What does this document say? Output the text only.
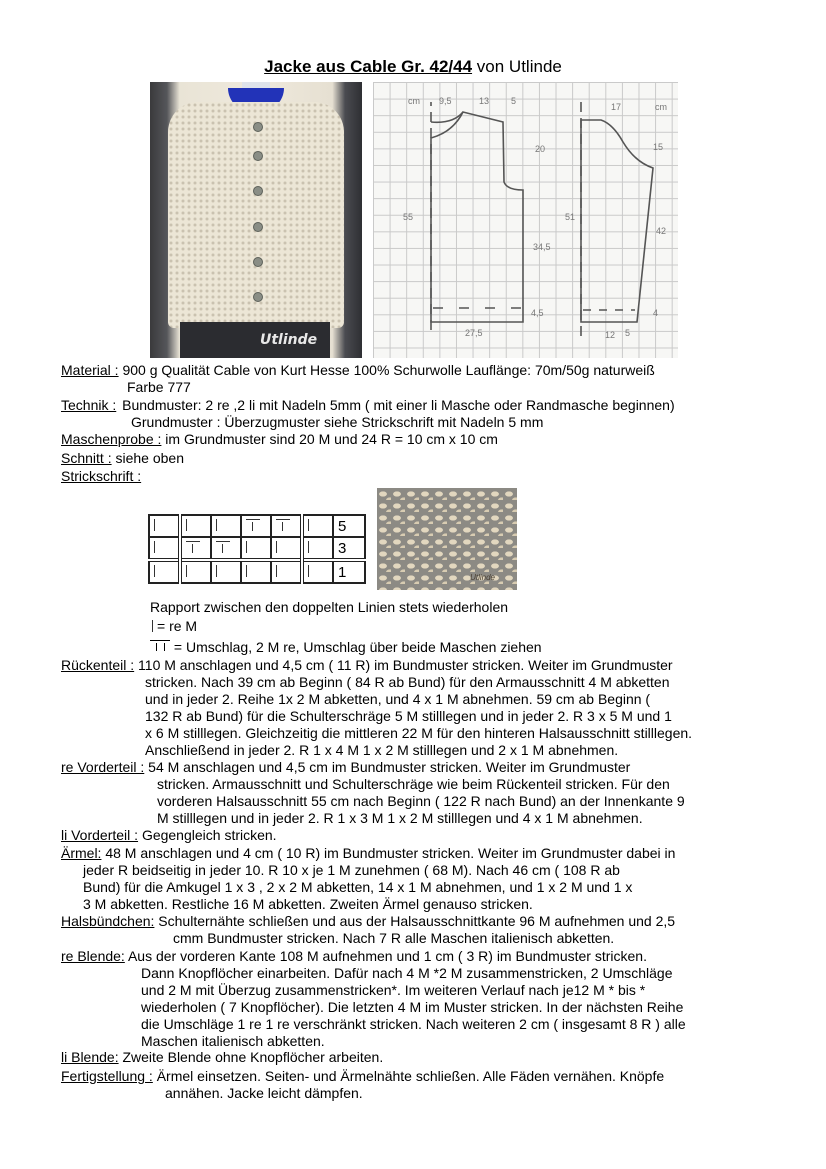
Jacke aus Cable Gr. 42/44 von Utlinde
Utlinde
cm 9,5	13 5
20
55
34,5
4,5
27,5
17	cm
15
51
42
12 5
4
Material : 900 g Qualität Cable von Kurt Hesse 100% Schurwolle Lauflänge: 70m/50g naturweiß
Farbe 777
Technik : Bundmuster: 2 re ,2 li mit Nadeln 5mm ( mit einer li Masche oder Randmasche beginnen)
Grundmuster : Überzugmuster siehe Strickschrift mit Nadeln 5 mm
Maschenprobe : im Grundmuster sind 20 M und 24 R = 10 cm x 10 cm
Schnitt : siehe oben
Strickschrift :
						5
						3
						1	Utlinde
Rapport zwischen den doppelten Linien stets wiederholen
= re M
= Umschlag, 2 M re, Umschlag über beide Maschen ziehen
Rückenteil : 110 M anschlagen und 4,5 cm ( 11 R) im Bundmuster stricken. Weiter im Grundmuster
stricken. Nach 39 cm ab Beginn ( 84 R ab Bund) für den Armausschnitt 4 M abketten
und in jeder 2. Reihe 1x 2 M abketten, und 4 x 1 M abnehmen. 59 cm ab Beginn (
132 R ab Bund) für die Schulterschräge 5 M stilllegen und in jeder 2. R 3 x 5 M und 1
x 6 M stilllegen. Gleichzeitig die mittleren 22 M für den hinteren Halsausschnitt stilllegen.
Anschließend in jeder 2. R 1 x 4 M 1 x 2 M stilllegen und 2 x 1 M abnehmen.
re Vorderteil : 54 M anschlagen und 4,5 cm im Bundmuster stricken. Weiter im Grundmuster
stricken. Armausschnitt und Schulterschräge wie beim Rückenteil stricken. Für den
vorderen Halsausschnitt 55 cm nach Beginn ( 122 R nach Bund) an der Innenkante 9
M stilllegen und in jeder 2. R 1 x 3 M 1 x 2 M stilllegen und 4 x 1 M abnehmen.
li Vorderteil : Gegengleich stricken.
Ärmel: 48 M anschlagen und 4 cm ( 10 R) im Bundmuster stricken. Weiter im Grundmuster dabei in
jeder R beidseitig in jeder 10. R 10 x je 1 M zunehmen ( 68 M). Nach 46 cm ( 108 R ab
Bund) für die Amkugel 1 x 3 , 2 x 2 M abketten, 14 x 1 M abnehmen, und 1 x 2 M und 1 x
3 M abketten. Restliche 16 M abketten. Zweiten Ärmel genauso stricken.
Halsbündchen: Schulternähte schließen und aus der Halsausschnittkante 96 M aufnehmen und 2,5
cmm Bundmuster stricken. Nach 7 R alle Maschen italienisch abketten.
re Blende: Aus der vorderen Kante 108 M aufnehmen und 1 cm ( 3 R) im Bundmuster stricken.
Dann Knopflöcher einarbeiten. Dafür nach 4 M *2 M zusammenstricken, 2 Umschläge
und 2 M mit Überzug zusammenstricken*. Im weiteren Verlauf nach je12 M * bis *
wiederholen ( 7 Knopflöcher). Die letzten 4 M im Muster stricken. In der nächsten Reihe
die Umschläge 1 re 1 re verschränkt stricken. Nach weiteren 2 cm ( insgesamt 8 R ) alle
Maschen italienisch abketten.
li Blende: Zweite Blende ohne Knopflöcher arbeiten.
Fertigstellung : Ärmel einsetzen. Seiten- und Ärmelnähte schließen. Alle Fäden vernähen. Knöpfe
annähen. Jacke leicht dämpfen.
